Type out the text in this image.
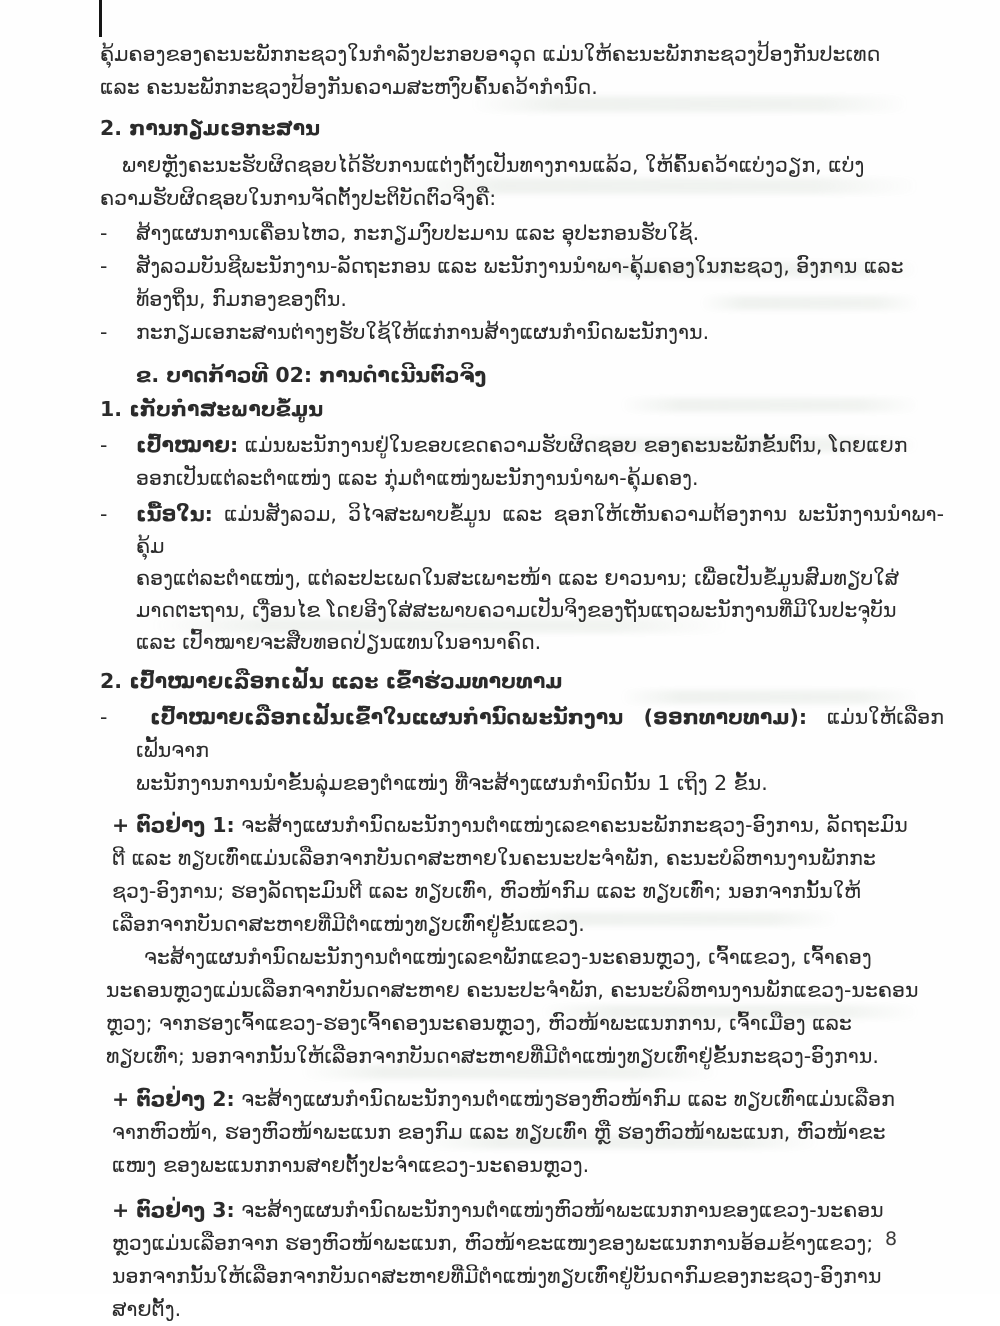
ຄຸ້ມຄອງຂອງຄະນະພັກກະຊວງໃນກໍາລັງປະກອບອາວຸດ ແມ່ນໃຫ້ຄະນະພັກກະຊວງປ້ອງກັນປະເທດ
ແລະ ຄະນະພັກກະຊວງປ້ອງກັນຄວາມສະຫງົບຄົ້ນຄວ້າກໍານົດ.
2. ການກຽມເອກະສານ
ພາຍຫຼັງຄະນະຮັບຜິດຊອບໄດ້ຮັບການແຕ່ງຕັ້ງເປັນທາງການແລ້ວ, ໃຫ້ຄົ້ນຄວ້າແບ່ງວຽກ, ແບ່ງ
ຄວາມຮັບຜິດຊອບໃນການຈັດຕັ້ງປະຕິບັດຕົວຈິງຄື:
-	ສ້າງແຜນການເຄື່ອນໄຫວ, ກະກຽມງົບປະມານ ແລະ ອຸປະກອນຮັບໃຊ້.
-	ສັງລວມບັນຊີພະນັກງານ-ລັດຖະກອນ ແລະ ພະນັກງານນໍາພາ-ຄຸ້ມຄອງໃນກະຊວງ, ອົງການ ແລະ
ທ້ອງຖິ່ນ, ກົມກອງຂອງຕົນ.
-	ກະກຽມເອກະສານຕ່າງໆຮັບໃຊ້ໃຫ້ແກ່ການສ້າງແຜນກໍານົດພະນັກງານ.
ຂ. ບາດກ້າວທີ 02: ການດໍາເນີນຕົວຈິງ
1. ເກັບກໍາສະພາບຂໍ້ມູນ
-	ເປົ້າໝາຍ: ແມ່ນພະນັກງານຢູ່ໃນຂອບເຂດຄວາມຮັບຜິດຊອບ ຂອງຄະນະພັກຂັ້ນຕົນ, ໂດຍແຍກ
ອອກເປັນແຕ່ລະຕໍາແໜ່ງ ແລະ ກຸ່ມຕໍາແໜ່ງພະນັກງານນໍາພາ-ຄຸ້ມຄອງ.
-	ເນື້ອໃນ: ແມ່ນສັງລວມ, ວິໄຈສະພາບຂໍ້ມູນ ແລະ ຊອກໃຫ້ເຫັນຄວາມຕ້ອງການ ພະນັກງານນໍາພາ-ຄຸ້ມ
ຄອງແຕ່ລະຕໍາແໜ່ງ, ແຕ່ລະປະເພດໃນສະເພາະໜ້າ ແລະ ຍາວນານ; ເພື່ອເປັນຂໍ້ມູນສົມທຽບໃສ່
ມາດຕະຖານ, ເງື່ອນໄຂ ໂດຍອີງໃສ່ສະພາບຄວາມເປັນຈິງຂອງຖັນແຖວພະນັກງານທີ່ມີໃນປະຈຸບັນ
ແລະ ເປົ້າໝາຍຈະສືບທອດປ່ຽນແທນໃນອານາຄົດ.
2. ເປົ້າໝາຍເລືອກເຟັ້ນ ແລະ ເຂົ້າຮ່ວມທາບທາມ
-	ເປົ້າໝາຍເລືອກເຟັ້ນເຂົ້າໃນແຜນກໍານົດພະນັກງານ (ອອກທາບທາມ): ແມ່ນໃຫ້ເລືອກເຟັ້ນຈາກ
ພະນັກງານການນໍາຂັ້ນລຸ່ມຂອງຕໍາແໜ່ງ ທີ່ຈະສ້າງແຜນກໍານົດນັ້ນ 1 ເຖິງ 2 ຂັ້ນ.
+ ຕົວຢ່າງ 1: ຈະສ້າງແຜນກໍານົດພະນັກງານຕໍາແໜ່ງເລຂາຄະນະພັກກະຊວງ-ອົງການ, ລັດຖະມົນ
ຕີ ແລະ ທຽບເທົ່າແມ່ນເລືອກຈາກບັນດາສະຫາຍໃນຄະນະປະຈໍາພັກ, ຄະນະບໍລິຫານງານພັກກະ
ຊວງ-ອົງການ; ຮອງລັດຖະມົນຕີ ແລະ ທຽບເທົ່າ, ຫົວໜ້າກົມ ແລະ ທຽບເທົ່າ; ນອກຈາກນັ້ນໃຫ້
ເລືອກຈາກບັນດາສະຫາຍທີ່ມີຕໍາແໜ່ງທຽບເທົ່າຢູ່ຂັ້ນແຂວງ.
ຈະສ້າງແຜນກໍານົດພະນັກງານຕໍາແໜ່ງເລຂາພັກແຂວງ-ນະຄອນຫຼວງ, ເຈົ້າແຂວງ, ເຈົ້າຄອງ
ນະຄອນຫຼວງແມ່ນເລືອກຈາກບັນດາສະຫາຍ ຄະນະປະຈໍາພັກ, ຄະນະບໍລິຫານງານພັກແຂວງ-ນະຄອນ
ຫຼວງ; ຈາກຮອງເຈົ້າແຂວງ-ຮອງເຈົ້າຄອງນະຄອນຫຼວງ, ຫົວໜ້າພະແນກການ, ເຈົ້າເມືອງ ແລະ
ທຽບເທົ່າ; ນອກຈາກນັ້ນໃຫ້ເລືອກຈາກບັນດາສະຫາຍທີ່ມີຕໍາແໜ່ງທຽບເທົ່າຢູ່ຂັ້ນກະຊວງ-ອົງການ.
+ ຕົວຢ່າງ 2: ຈະສ້າງແຜນກໍານົດພະນັກງານຕໍາແໜ່ງຮອງຫົວໜ້າກົມ ແລະ ທຽບເທົ່າແມ່ນເລືອກ
ຈາກຫົວໜ້າ, ຮອງຫົວໜ້າພະແນກ ຂອງກົມ ແລະ ທຽບເທົ່າ ຫຼື ຮອງຫົວໜ້າພະແນກ, ຫົວໜ້າຂະ
ແໜງ ຂອງພະແນກການສາຍຕັ້ງປະຈໍາແຂວງ-ນະຄອນຫຼວງ.
+ ຕົວຢ່າງ 3: ຈະສ້າງແຜນກໍານົດພະນັກງານຕໍາແໜ່ງຫົວໜ້າພະແນກການຂອງແຂວງ-ນະຄອນ
ຫຼວງແມ່ນເລືອກຈາກ ຮອງຫົວໜ້າພະແນກ, ຫົວໜ້າຂະແໜງຂອງພະແນກການອ້ອມຂ້າງແຂວງ;
ນອກຈາກນັ້ນໃຫ້ເລືອກຈາກບັນດາສະຫາຍທີ່ມີຕໍາແໜ່ງທຽບເທົ່າຢູ່ບັນດາກົມຂອງກະຊວງ-ອົງການ
ສາຍຕັ້ງ.
8
